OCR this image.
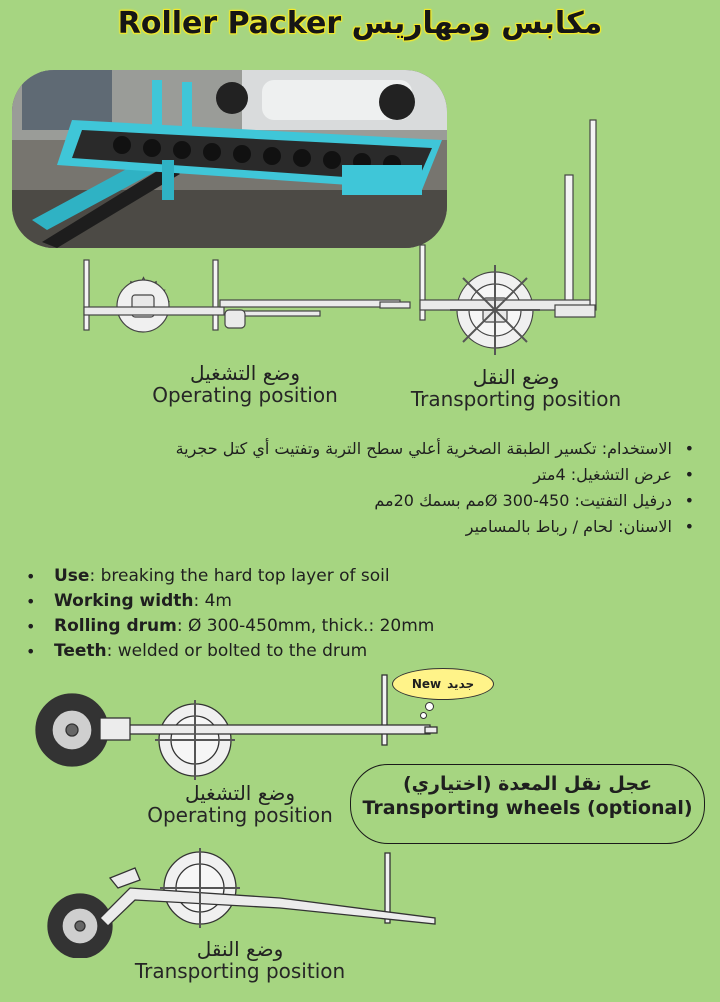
Roller Packer مكابس ومهاريس
وضع التشغيل
Operating position
وضع النقل
Transporting position
• الاستخدام: تكسير الطبقة الصخرية أعلي سطح التربة وتفتيت أي كتل حجرية
• عرض التشغيل: 4متر
• درفيل التفتيت: Ø 300-450مم بسمك 20مم
• الاسنان: لحام / رباط بالمسامير
• Use: breaking the hard top layer of soil
• Working width: 4m
• Rolling drum: Ø 300-450mm, thick.: 20mm
• Teeth: welded or bolted to the drum
New جديد
وضع التشغيل
Operating position
عجل نقل المعدة (اختياري)
Transporting wheels (optional)
وضع النقل
Transporting position
